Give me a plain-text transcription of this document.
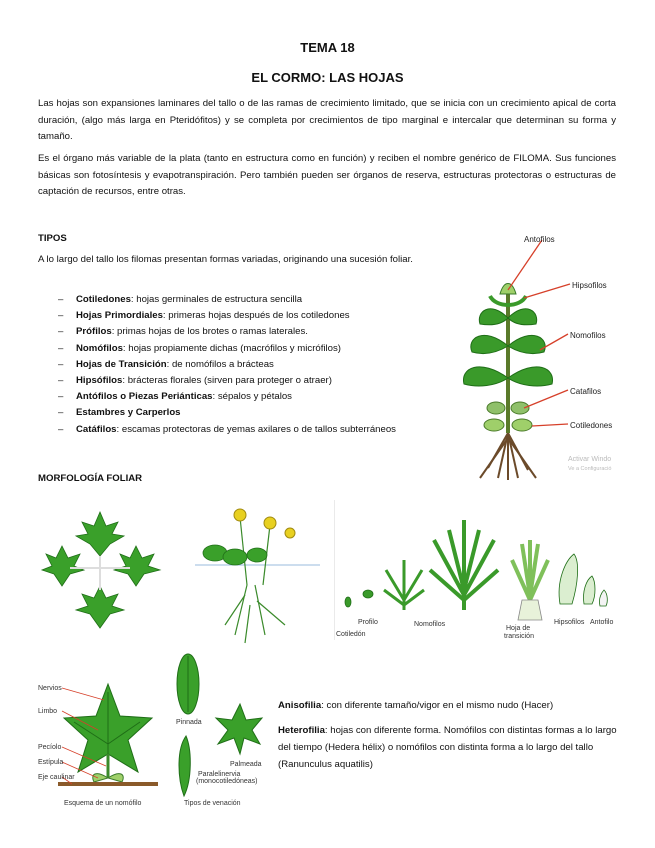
TEMA 18
EL CORMO: LAS HOJAS
Las hojas son expansiones laminares del tallo o de las ramas de crecimiento limitado, que se inicia con un crecimiento apical de corta duración, (algo más larga en Pteridófitos) y se completa por crecimientos de tipo marginal e intercalar que determinan su forma y tamaño.
Es el órgano más variable de la plata (tanto en estructura como en función) y reciben el nombre genérico de FILOMA. Sus funciones básicas son fotosíntesis y evapotranspiración. Pero también pueden ser órganos de reserva, estructuras protectoras o estructuras de captación de recursos, entre otras.
TIPOS
A lo largo del tallo los filomas presentan formas variadas, originando una sucesión foliar.
– Cotiledones: hojas germinales de estructura sencilla
– Hojas Primordiales: primeras hojas después de los cotiledones
– Prófilos: primas hojas de los brotes o ramas laterales.
– Nomófilos: hojas propiamente dichas (macrófilos y micrófilos)
– Hojas de Transición: de nomófilos a brácteas
– Hipsófilos: brácteras florales (sirven para proteger o atraer)
– Antófilos o Piezas Periánticas: sépalos y pétalos
– Estambres y Carperlos
– Catáfilos: escamas protectoras de yemas axilares o de tallos subterráneos
Antofilos
Hipsofilos
Nomofilos
Catafilos
Cotiledones
Activar Windo
Ve a Configuració
MORFOLOGÍA FOLIAR
Cotiledón
Profilo	Nomofilos
Hoja de
transición
Hipsofilos Antofilo
Nervios
Limbo
Pecíolo
Estípula
Eje caulinar
Esquema de un nomófilo
Pinnada
Palmeada
Paralelinervia
(monocotiledóneas)
Tipos de venación
Anisofilia: con diferente tamaño/vigor en el mismo nudo (Hacer)
Heterofilia: hojas con diferente forma. Nomófilos con distintas formas a lo largo del tiempo (Hedera hélix) o nomófilos con distinta forma a lo largo del tallo (Ranunculus aquatilis)
